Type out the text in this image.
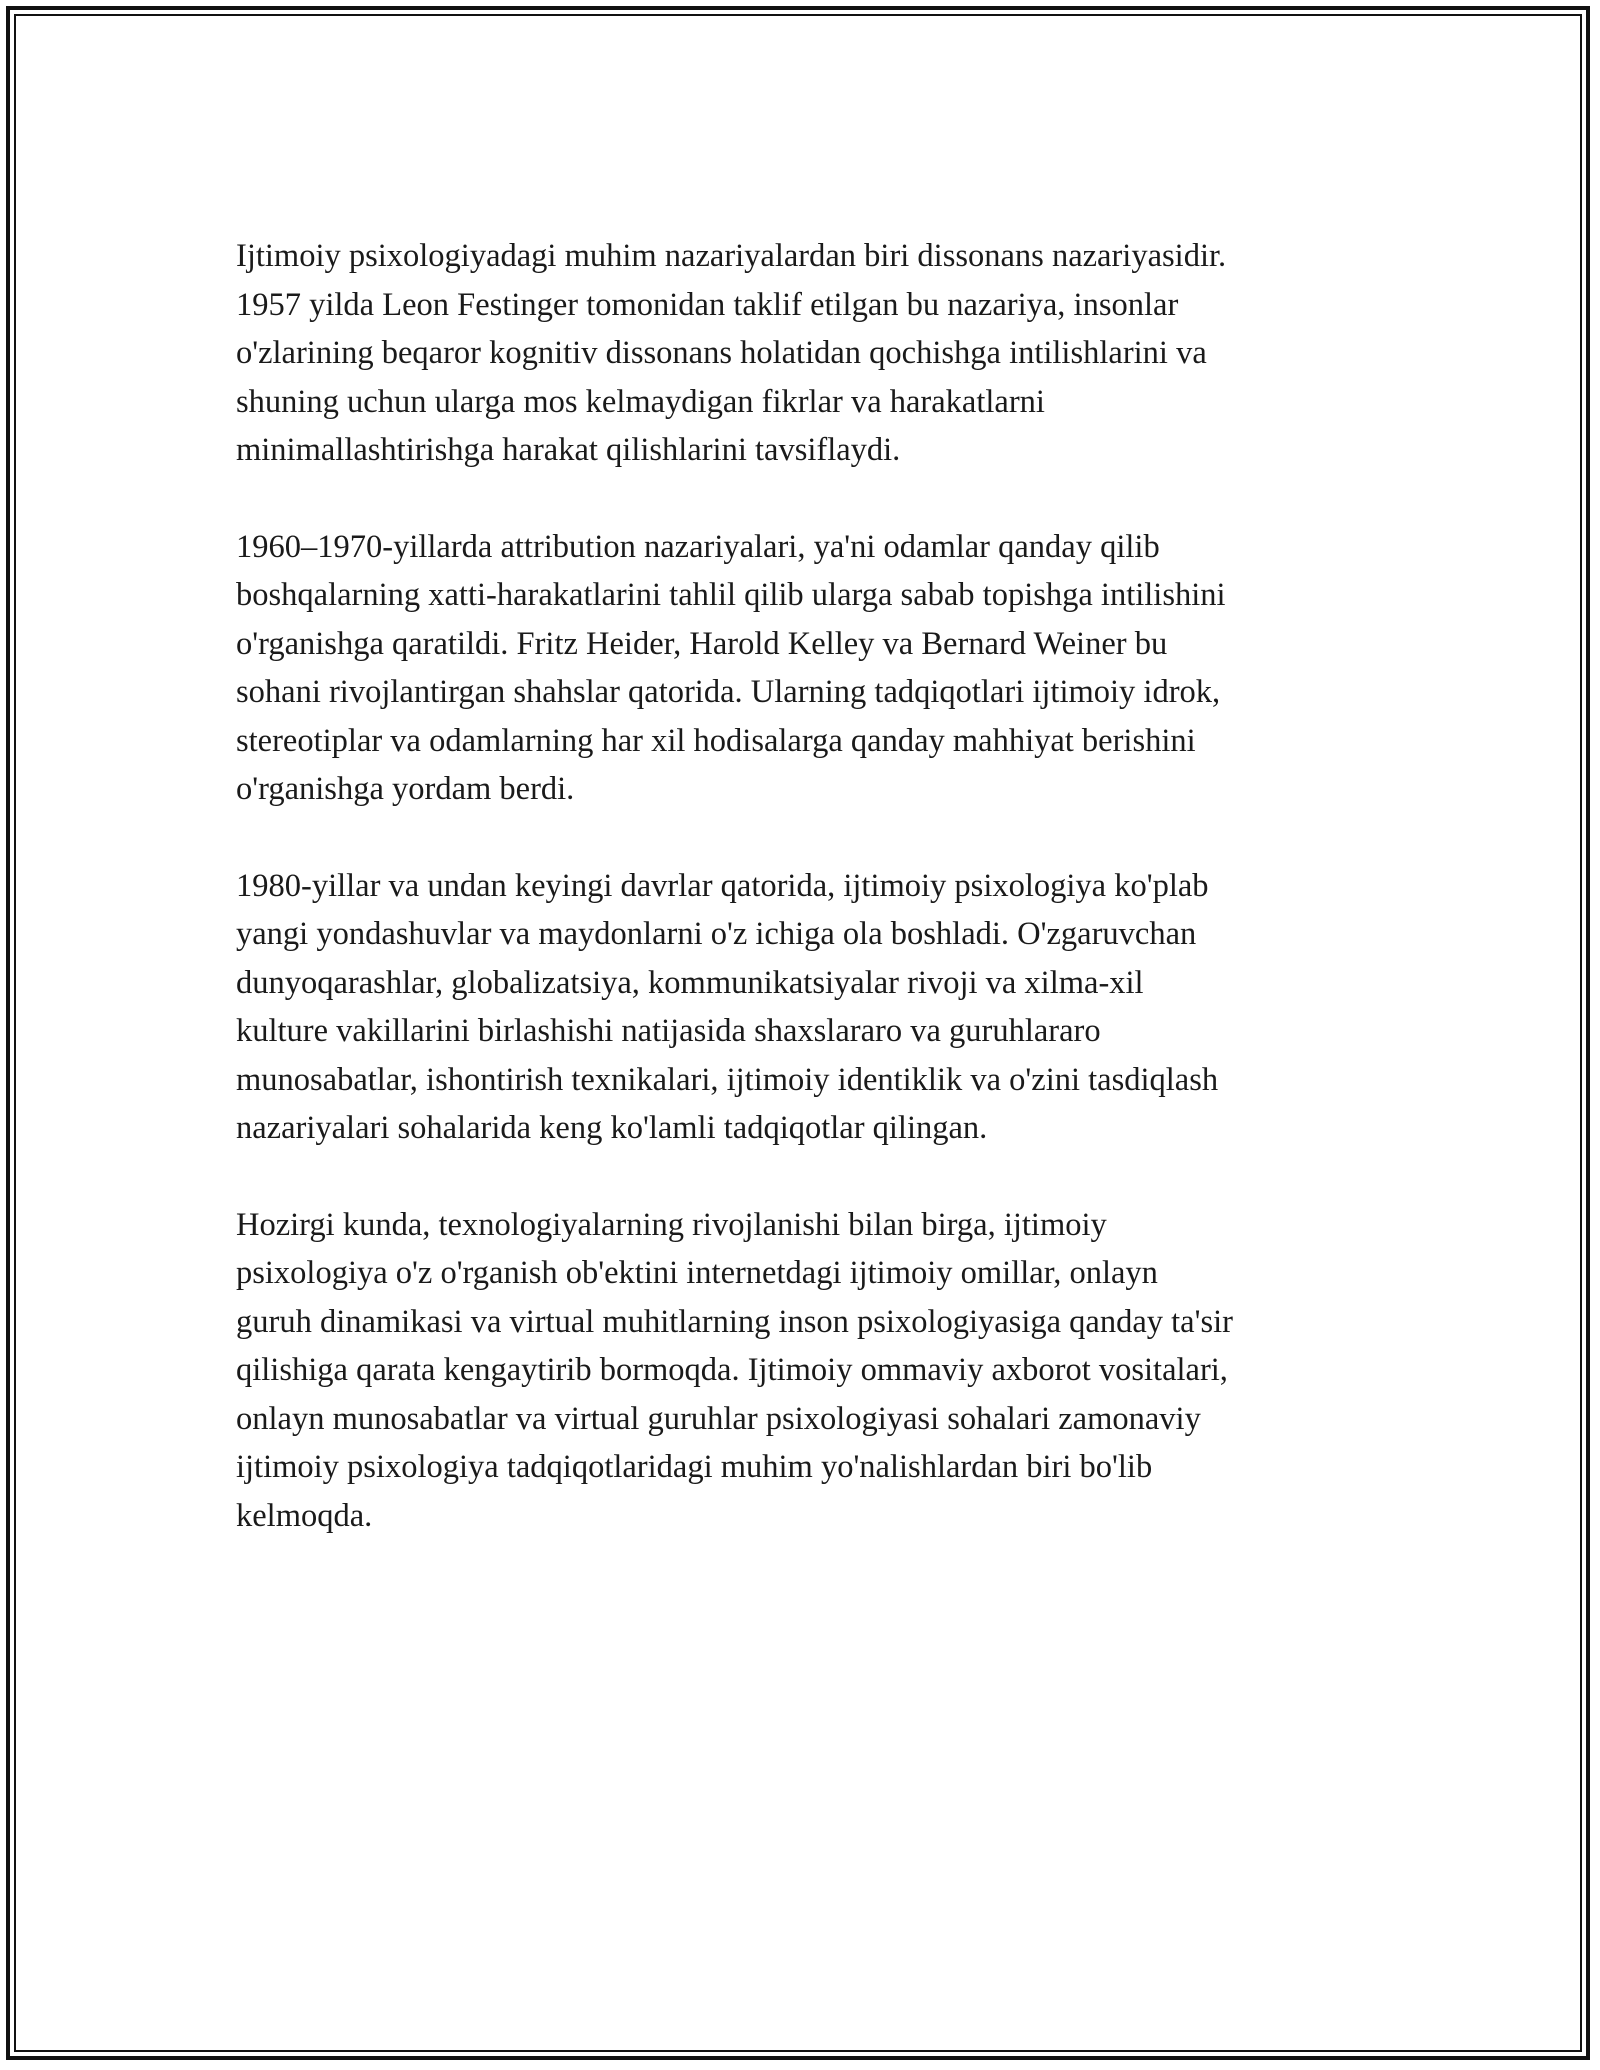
Ijtimoiy psixologiyadagi muhim nazariyalardan biri dissonans nazariyasidir.
1957 yilda Leon Festinger tomonidan taklif etilgan bu nazariya, insonlar
o'zlarining beqaror kognitiv dissonans holatidan qochishga intilishlarini va
shuning uchun ularga mos kelmaydigan fikrlar va harakatlarni
minimallashtirishga harakat qilishlarini tavsiflaydi.

1960–1970-yillarda attribution nazariyalari, ya'ni odamlar qanday qilib
boshqalarning xatti-harakatlarini tahlil qilib ularga sabab topishga intilishini
o'rganishga qaratildi. Fritz Heider, Harold Kelley va Bernard Weiner bu
sohani rivojlantirgan shahslar qatorida. Ularning tadqiqotlari ijtimoiy idrok,
stereotiplar va odamlarning har xil hodisalarga qanday mahhiyat berishini
o'rganishga yordam berdi.

1980-yillar va undan keyingi davrlar qatorida, ijtimoiy psixologiya ko'plab
yangi yondashuvlar va maydonlarni o'z ichiga ola boshladi. O'zgaruvchan
dunyoqarashlar, globalizatsiya, kommunikatsiyalar rivoji va xilma-xil
kulture vakillarini birlashishi natijasida shaxslararo va guruhlararo
munosabatlar, ishontirish texnikalari, ijtimoiy identiklik va o'zini tasdiqlash
nazariyalari sohalarida keng ko'lamli tadqiqotlar qilingan.

Hozirgi kunda, texnologiyalarning rivojlanishi bilan birga, ijtimoiy
psixologiya o'z o'rganish ob'ektini internetdagi ijtimoiy omillar, onlayn
guruh dinamikasi va virtual muhitlarning inson psixologiyasiga qanday ta'sir
qilishiga qarata kengaytirib bormoqda. Ijtimoiy ommaviy axborot vositalari,
onlayn munosabatlar va virtual guruhlar psixologiyasi sohalari zamonaviy
ijtimoiy psixologiya tadqiqotlaridagi muhim yo'nalishlardan biri bo'lib
kelmoqda.
